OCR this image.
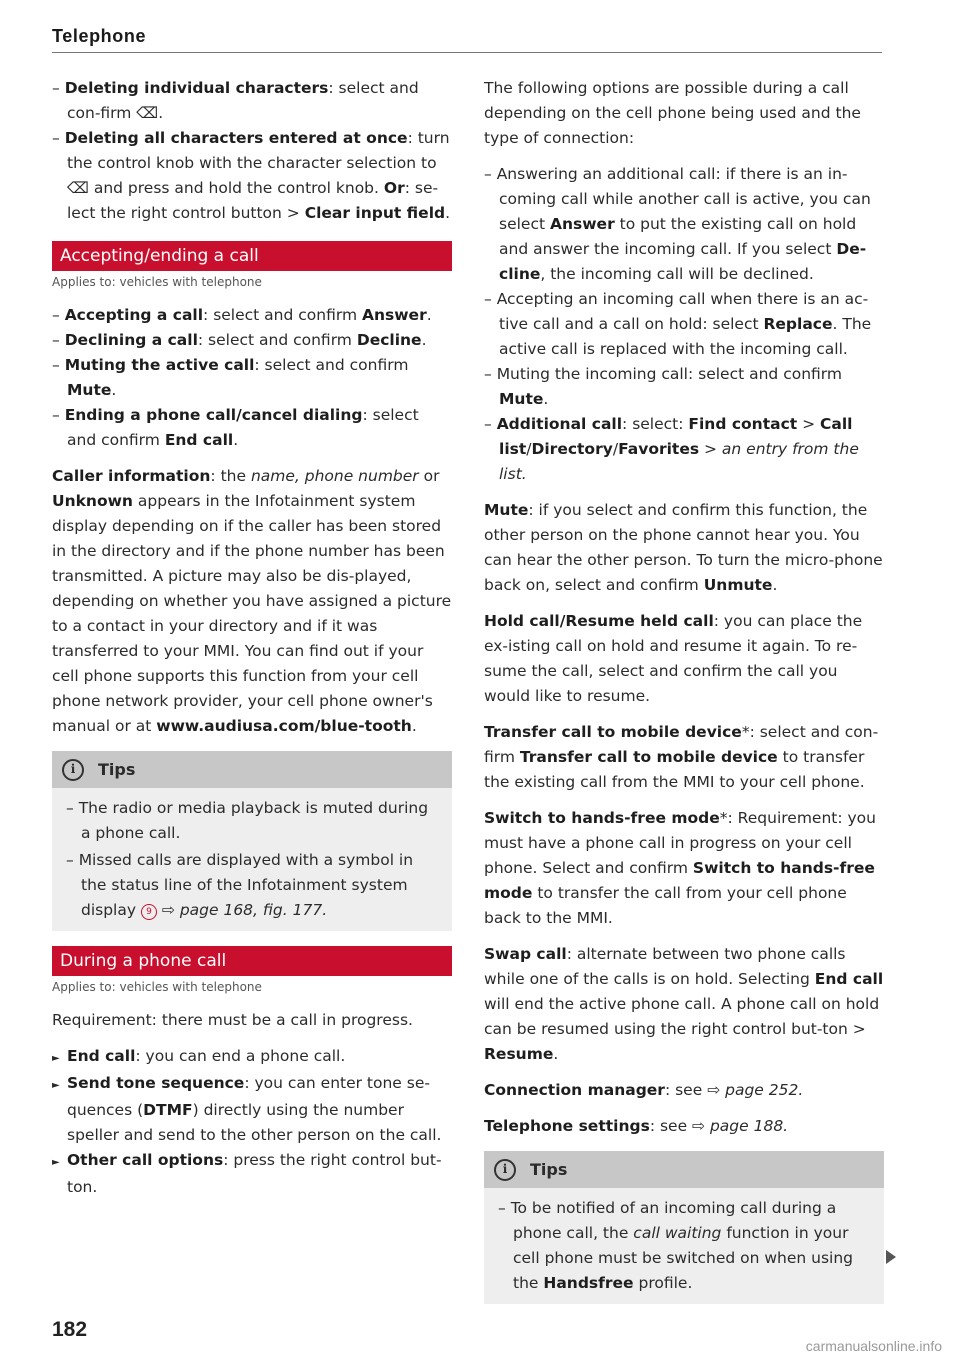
Telephone

– Deleting individual characters: select and con-firm ⌫.

– Deleting all characters entered at once: turn the control knob with the character selection to ⌫ and press and hold the control knob. Or: se-lect the right control button > Clear input field.

Accepting/ending a call
Applies to: vehicles with telephone

– Accepting a call: select and confirm Answer.

– Declining a call: select and confirm Decline.

– Muting the active call: select and confirm Mute.

– Ending a phone call/cancel dialing: select and confirm End call.

Caller information: the name, phone number or Unknown appears in the Infotainment system display depending on if the caller has been stored in the directory and if the phone number has been transmitted. A picture may also be dis-played, depending on whether you have assigned a picture to a contact in your directory and if it was transferred to your MMI. You can find out if your cell phone supports this function from your cell phone network provider, your cell phone owner's manual or at www.audiusa.com/blue-tooth.

i	Tips

– The radio or media playback is muted during a phone call.

– Missed calls are displayed with a symbol in the status line of the Infotainment system display 9 ⇨ page 168, fig. 177.

During a phone call
Applies to: vehicles with telephone

Requirement: there must be a call in progress.

► End call: you can end a phone call.

► Send tone sequence: you can enter tone se-quences (DTMF) directly using the number speller and send to the other person on the call.

► Other call options: press the right control but-ton.

The following options are possible during a call depending on the cell phone being used and the type of connection:

– Answering an additional call: if there is an in-coming call while another call is active, you can select Answer to put the existing call on hold and answer the incoming call. If you select De-cline, the incoming call will be declined.

– Accepting an incoming call when there is an ac-tive call and a call on hold: select Replace. The active call is replaced with the incoming call.

– Muting the incoming call: select and confirm Mute.

– Additional call: select: Find contact > Call list/Directory/Favorites > an entry from the list.

Mute: if you select and confirm this function, the other person on the phone cannot hear you. You can hear the other person. To turn the micro-phone back on, select and confirm Unmute.

Hold call/Resume held call: you can place the ex-isting call on hold and resume it again. To re-sume the call, select and confirm the call you would like to resume.

Transfer call to mobile device*: select and con-firm Transfer call to mobile device to transfer the existing call from the MMI to your cell phone.

Switch to hands-free mode*: Requirement: you must have a phone call in progress on your cell phone. Select and confirm Switch to hands-free mode to transfer the call from your cell phone back to the MMI.

Swap call: alternate between two phone calls while one of the calls is on hold. Selecting End call will end the active phone call. A phone call on hold can be resumed using the right control but-ton > Resume.

Connection manager: see ⇨ page 252.

Telephone settings: see ⇨ page 188.

i	Tips

– To be notified of an incoming call during a phone call, the call waiting function in your cell phone must be switched on when using the Handsfree profile.

182
carmanualsonline.info
